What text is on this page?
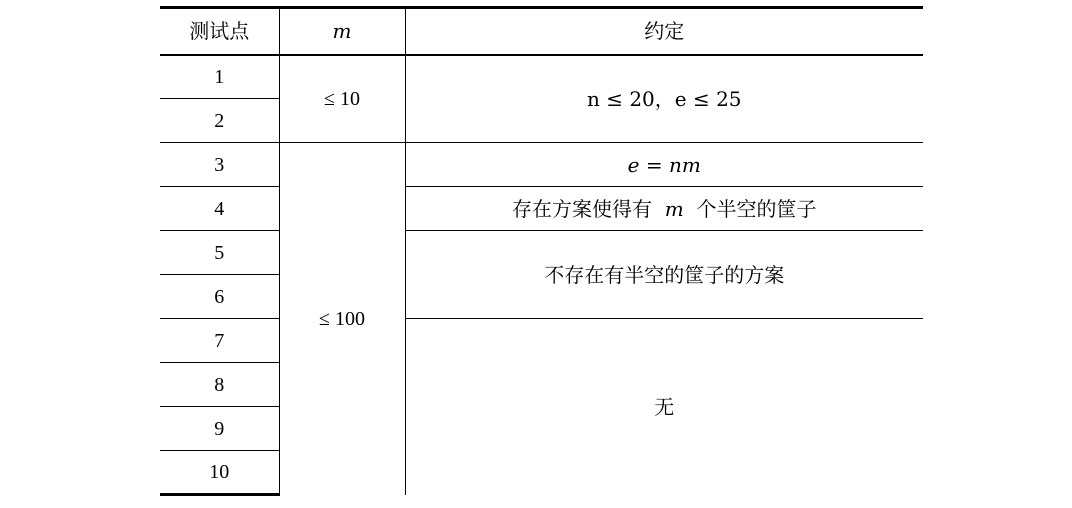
测试点	m	约定
1	≤ 10	n ≤ 20，e ≤ 25
2		
3	≤ 100	e = nm
4		存在方案使得有 m 个半空的筐子
5		不存在有半空的筐子的方案
6		
7		无
8		
9		
10		
